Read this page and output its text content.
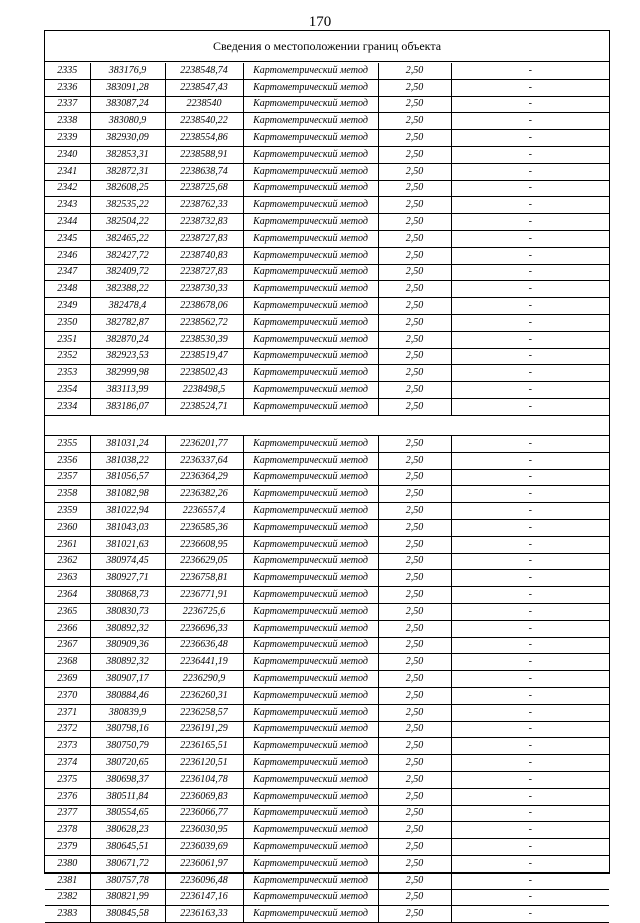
170
Сведения о местоположении границ объекта
2335	383176,9	2238548,74	Картометрический метод	2,50	-
2336	383091,28	2238547,43	Картометрический метод	2,50	-
2337	383087,24	2238540	Картометрический метод	2,50	-
2338	383080,9	2238540,22	Картометрический метод	2,50	-
2339	382930,09	2238554,86	Картометрический метод	2,50	-
2340	382853,31	2238588,91	Картометрический метод	2,50	-
2341	382872,31	2238638,74	Картометрический метод	2,50	-
2342	382608,25	2238725,68	Картометрический метод	2,50	-
2343	382535,22	2238762,33	Картометрический метод	2,50	-
2344	382504,22	2238732,83	Картометрический метод	2,50	-
2345	382465,22	2238727,83	Картометрический метод	2,50	-
2346	382427,72	2238740,83	Картометрический метод	2,50	-
2347	382409,72	2238727,83	Картометрический метод	2,50	-
2348	382388,22	2238730,33	Картометрический метод	2,50	-
2349	382478,4	2238678,06	Картометрический метод	2,50	-
2350	382782,87	2238562,72	Картометрический метод	2,50	-
2351	382870,24	2238530,39	Картометрический метод	2,50	-
2352	382923,53	2238519,47	Картометрический метод	2,50	-
2353	382999,98	2238502,43	Картометрический метод	2,50	-
2354	383113,99	2238498,5	Картометрический метод	2,50	-
2334	383186,07	2238524,71	Картометрический метод	2,50	-
2355	381031,24	2236201,77	Картометрический метод	2,50	-
2356	381038,22	2236337,64	Картометрический метод	2,50	-
2357	381056,57	2236364,29	Картометрический метод	2,50	-
2358	381082,98	2236382,26	Картометрический метод	2,50	-
2359	381022,94	2236557,4	Картометрический метод	2,50	-
2360	381043,03	2236585,36	Картометрический метод	2,50	-
2361	381021,63	2236608,95	Картометрический метод	2,50	-
2362	380974,45	2236629,05	Картометрический метод	2,50	-
2363	380927,71	2236758,81	Картометрический метод	2,50	-
2364	380868,73	2236771,91	Картометрический метод	2,50	-
2365	380830,73	2236725,6	Картометрический метод	2,50	-
2366	380892,32	2236696,33	Картометрический метод	2,50	-
2367	380909,36	2236636,48	Картометрический метод	2,50	-
2368	380892,32	2236441,19	Картометрический метод	2,50	-
2369	380907,17	2236290,9	Картометрический метод	2,50	-
2370	380884,46	2236260,31	Картометрический метод	2,50	-
2371	380839,9	2236258,57	Картометрический метод	2,50	-
2372	380798,16	2236191,29	Картометрический метод	2,50	-
2373	380750,79	2236165,51	Картометрический метод	2,50	-
2374	380720,65	2236120,51	Картометрический метод	2,50	-
2375	380698,37	2236104,78	Картометрический метод	2,50	-
2376	380511,84	2236069,83	Картометрический метод	2,50	-
2377	380554,65	2236066,77	Картометрический метод	2,50	-
2378	380628,23	2236030,95	Картометрический метод	2,50	-
2379	380645,51	2236039,69	Картометрический метод	2,50	-
2380	380671,72	2236061,97	Картометрический метод	2,50	-
2381	380757,78	2236096,48	Картометрический метод	2,50	-
2382	380821,99	2236147,16	Картометрический метод	2,50	-
2383	380845,58	2236163,33	Картометрический метод	2,50	-
